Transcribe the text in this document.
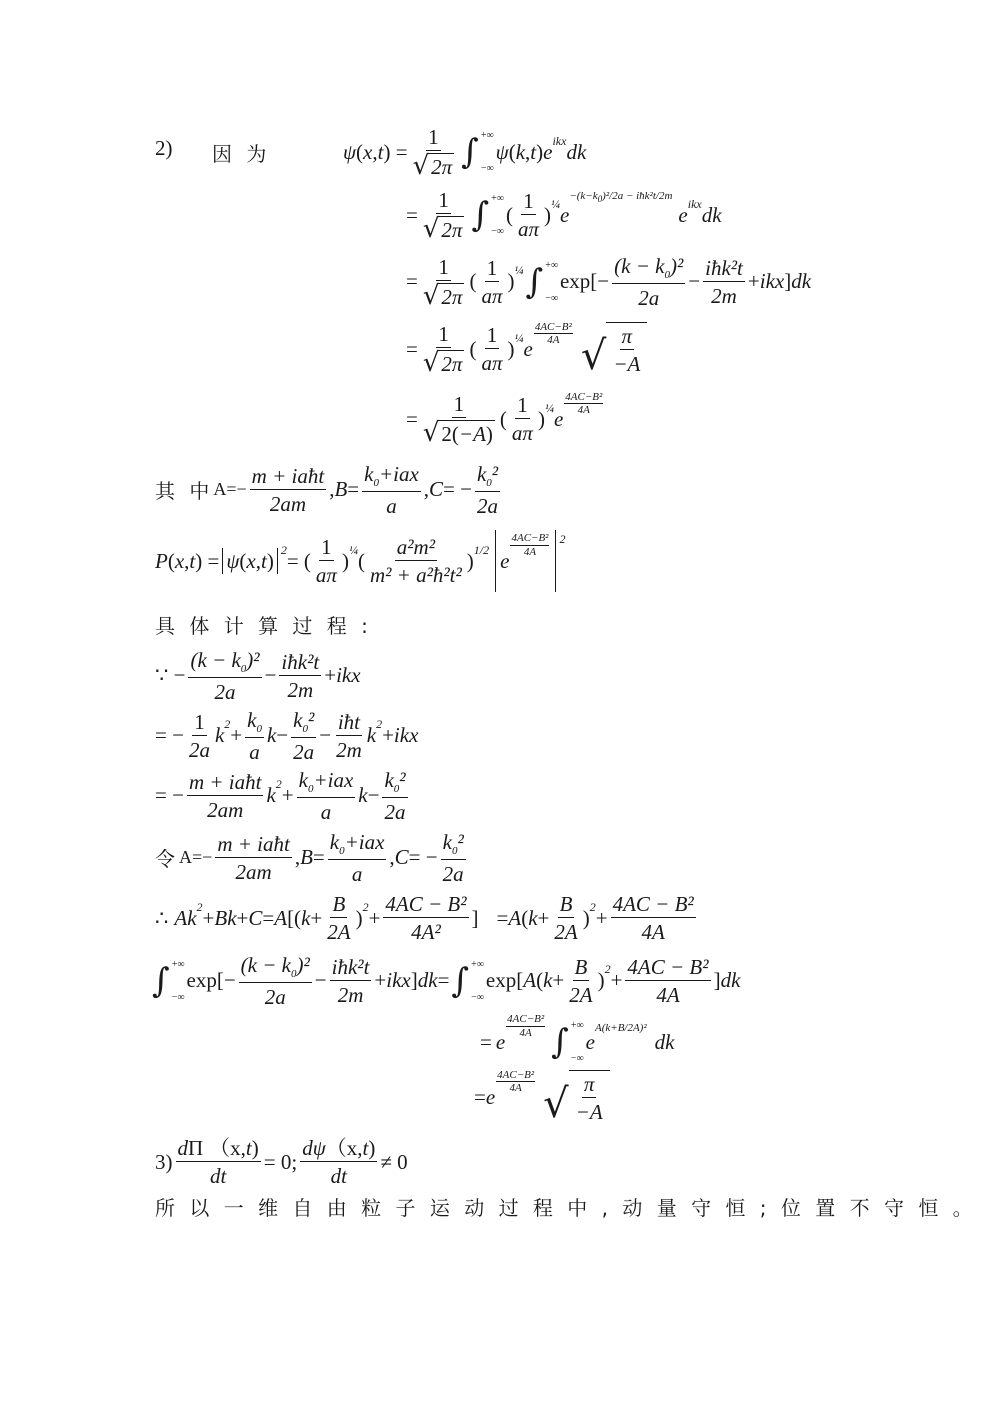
2) 因 为	ψ ( x , t ) = $\frac{1}{√ 2\pi}$ ∫ +∞
−∞
ψ ( k , t ) e ikx dk
= $\frac{1}{√ 2\pi}$ ∫ +∞
−∞
( $\frac{1}{a\pi}$ ) ¼ e
$-(k-k_0)^2/2a$ − iħk²t/2m
e ikx dk
= $\frac{1}{√ 2\pi}$ ( $\frac{1}{a\pi}$ ) ¼ ∫ +∞
−∞
$\exp[- \frac{(k - k_0)^2}{2a} - \frac{\text{iħk²t}}{2m}$ + ikx ] dk
= $\frac{1}{√ 2\pi}$ ( $\frac{1}{a\pi}$ ) ¼ e
4AC−B²
4A √ $\frac{\pi}{-A}$
= $\frac{1}{√ 2(-A)}$ ( $\frac{1}{a\pi}$ ) ¼ e
4AC−B²
4A
其 中 $A=- \frac{\text{m + iaħt}}{2am}$ , $B = \frac{k_0+iax}{a}$ , C = − $\frac{k_0^2}{2a}$
P ( x , t ) = ψ ( x , t ) 2 = ( $\frac{1}{a\pi}$ ) ¼ ( $\frac{\text{a²m²}}{\text{m² + a²ħ²t²}}$ ) 1/2 e
4AC−B²
4A
2
具 体 计 算 过 程 :
∵ − $\frac{(k - k_0)^2}{2a} - \frac{\text{iħk²t}}{2m}$ + ikx
= − $\frac{1}{2a}$ k $2 + \frac{k_0}{a}$ $k - \frac{k_0^2}{2a} - \frac{\text{iħt}}{2m}$ k 2 + ikx
= − $\frac{\text{m + iaħt}}{2am}$ k $2 + \frac{k_0+iax}{a}$ $k - \frac{k_0^2}{2a}$
令 $A=- \frac{\text{m + iaħt}}{2am}$ , $B = \frac{k_0+iax}{a}$ , C = − $\frac{k_0^2}{2a}$
∴ Ak 2 + Bk + C = A [( $k + \frac{B}{2A}$ ) $2 + \frac{\text{4AC − B²}}{\text{4A²}}$ ] = A ( $k + \frac{B}{2A}$ ) $2 + \frac{\text{4AC − B²}}{4A}$
∫ +∞
−∞
$\exp[- \frac{(k - k_0)^2}{2a} - \frac{\text{iħk²t}}{2m}$ + ikx ] dk = ∫ +∞
−∞
exp[ A ( $k + \frac{B}{2A}$ ) $2 + \frac{\text{4AC − B²}}{4A}$ ] dk
= e
4AC−B²
4A ∫ +∞
−∞
e
A(k+B/2A)²
dk
= e
4AC−B²
4A √ $\frac{\pi}{-A}$
$3) \frac{d\Pi (x,t)}{dt} = 0$; $\frac{d\psi(x,t)}{dt} \ne 0$
所 以 一 维 自 由 粒 子 运 动 过 程 中 , 动 量 守 恒 ; 位 置 不 守 恒 。
